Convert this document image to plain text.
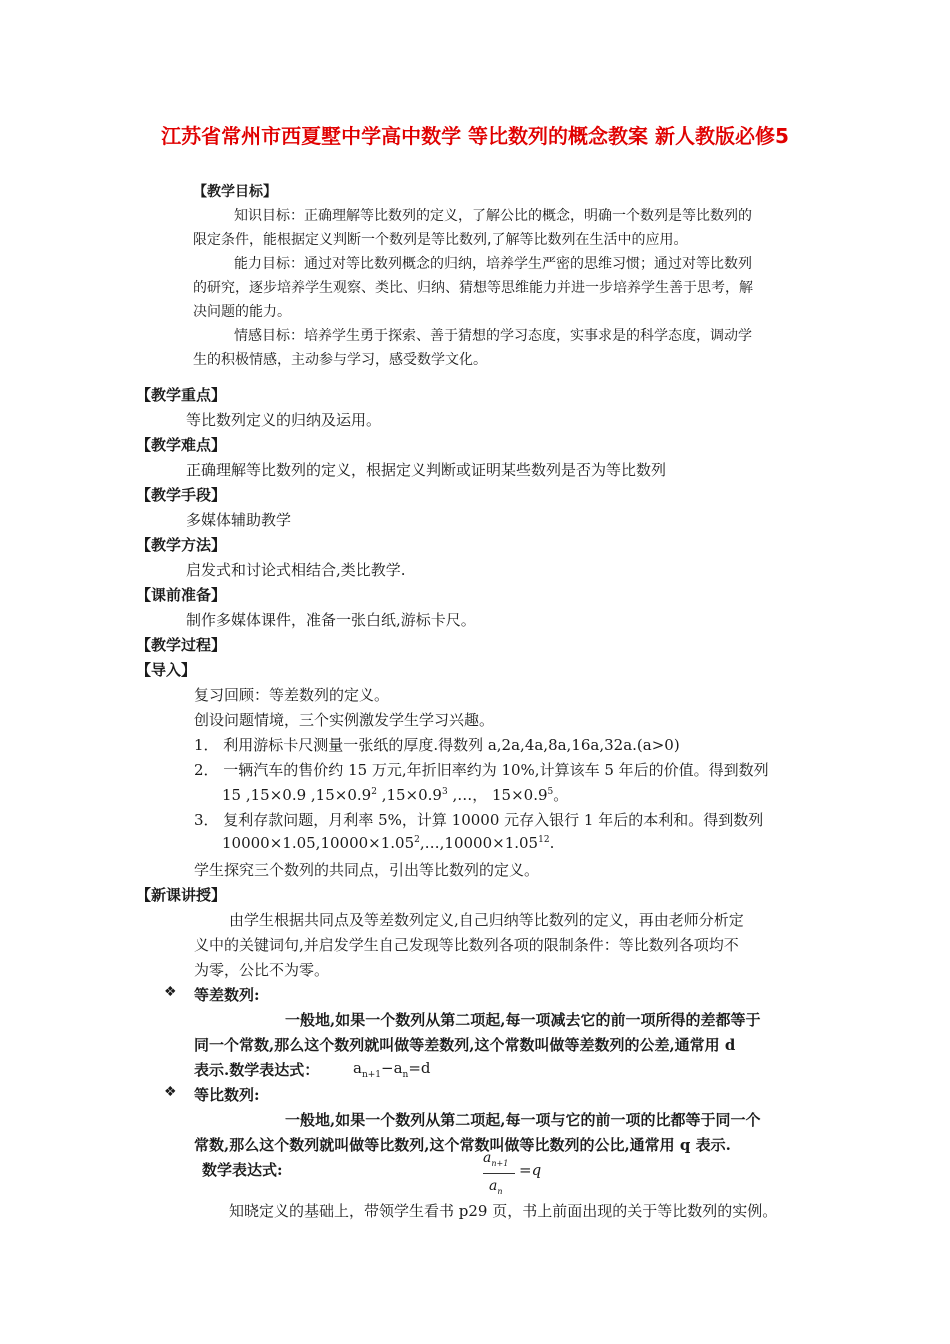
江苏省常州市西夏墅中学高中数学 等比数列的概念教案 新人教版必修5
【教学目标】
知识目标：正确理解等比数列的定义，了解公比的概念，明确一个数列是等比数列的
限定条件，能根据定义判断一个数列是等比数列,了解等比数列在生活中的应用。
能力目标：通过对等比数列概念的归纳，培养学生严密的思维习惯；通过对等比数列
的研究，逐步培养学生观察、类比、归纳、猜想等思维能力并进一步培养学生善于思考，解
决问题的能力。
情感目标：培养学生勇于探索、善于猜想的学习态度，实事求是的科学态度，调动学
生的积极情感，主动参与学习，感受数学文化。
【教学重点】
等比数列定义的归纳及运用。
【教学难点】
正确理解等比数列的定义，根据定义判断或证明某些数列是否为等比数列
【教学手段】
多媒体辅助教学
【教学方法】
启发式和讨论式相结合,类比教学.
【课前准备】
制作多媒体课件，准备一张白纸,游标卡尺。
【教学过程】
【导入】
复习回顾：等差数列的定义。
创设问题情境，三个实例激发学生学习兴趣。
1． 利用游标卡尺测量一张纸的厚度.得数列 a,2a,4a,8a,16a,32a.(a>0)
2． 一辆汽车的售价约 15 万元,年折旧率约为 10%,计算该车 5 年后的价值。得到数列
15 ,15×0.9 $,15\times 0.9^2$ $,15\times 0.9^3$ ,…， $15\times 0.9^5$。
3． 复利存款问题，月利率 5%，计算 10000 元存入银行 1 年后的本利和。得到数列
$10000\times 1.05,10000\times 1.05^2,\dots,10000\times 1.05^{12}$.
学生探究三个数列的共同点，引出等比数列的定义。
【新课讲授】
由学生根据共同点及等差数列定义,自己归纳等比数列的定义，再由老师分析定
义中的关键词句,并启发学生自己发现等比数列各项的限制条件：等比数列各项均不
为零，公比不为零。
❖ 等差数列:
一般地,如果一个数列从第二项起,每一项减去它的前一项所得的差都等于
同一个常数,那么这个数列就叫做等差数列,这个常数叫做等差数列的公差,通常用 d
表示.数学表达式： $a_{n+1}-a_n=d$
❖ 等比数列:
一般地,如果一个数列从第二项起,每一项与它的前一项的比都等于同一个
常数,那么这个数列就叫做等比数列,这个常数叫做等比数列的公比,通常用 q 表示.
数学表达式:
$a_{n+1}$
$a_n$
=q
知晓定义的基础上，带领学生看书 p29 页，书上前面出现的关于等比数列的实例。
